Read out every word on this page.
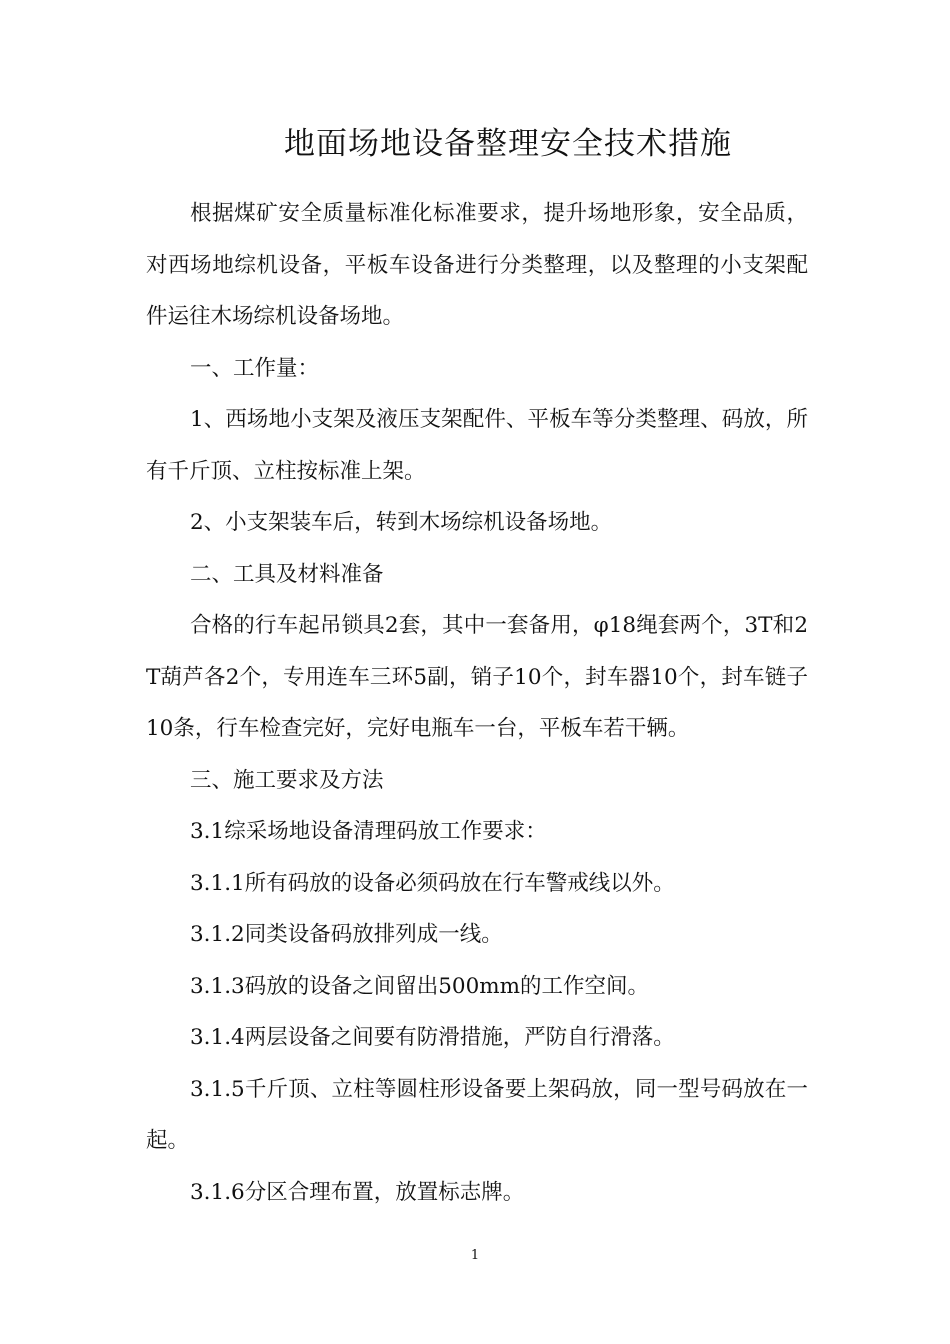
地面场地设备整理安全技术措施

根据煤矿安全质量标准化标准要求，提升场地形象，安全品质，对西场地综机设备，平板车设备进行分类整理，以及整理的小支架配件运往木场综机设备场地。

一、工作量：

1、西场地小支架及液压支架配件、平板车等分类整理、码放，所有千斤顶、立柱按标准上架。

2、小支架装车后，转到木场综机设备场地。

二、工具及材料准备

合格的行车起吊锁具2套，其中一套备用，φ18绳套两个，3T和2T葫芦各2个，专用连车三环5副，销子10个，封车器10个，封车链子10条，行车检查完好，完好电瓶车一台，平板车若干辆。

三、施工要求及方法

3.1综采场地设备清理码放工作要求：

3.1.1所有码放的设备必须码放在行车警戒线以外。

3.1.2同类设备码放排列成一线。

3.1.3码放的设备之间留出500mm的工作空间。

3.1.4两层设备之间要有防滑措施，严防自行滑落。

3.1.5千斤顶、立柱等圆柱形设备要上架码放，同一型号码放在一起。

3.1.6分区合理布置，放置标志牌。

1
